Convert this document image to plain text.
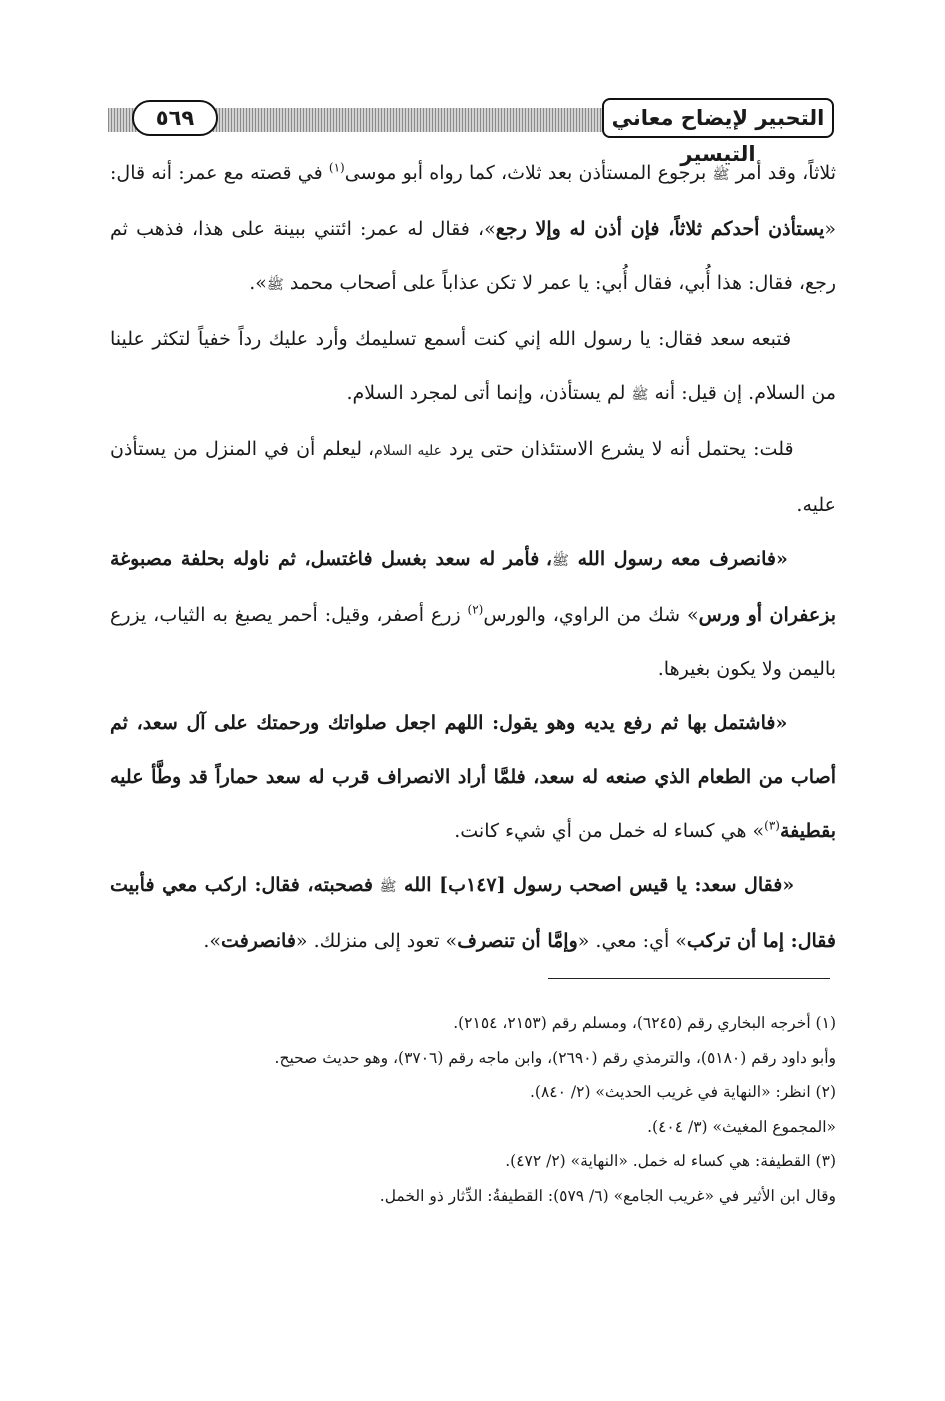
التحبير لإيضاح معاني التيسير
٥٦٩

ثلاثاً، وقد أمر ﷺ برجوع المستأذن بعد ثلاث، كما رواه أبو موسى$^{(١)}$ في قصته مع عمر: أنه قال: «يستأذن أحدكم ثلاثاً، فإن أذن له وإلا رجع»، فقال له عمر: ائتني ببينة على هذا، فذهب ثم رجع، فقال: هذا أُبي، فقال أُبي: يا عمر لا تكن عذاباً على أصحاب محمد ﷺ».

فتبعه سعد فقال: يا رسول الله إني كنت أسمع تسليمك وأرد عليك رداً خفياً لتكثر علينا من السلام. إن قيل: أنه ﷺ لم يستأذن، وإنما أتى لمجرد السلام.

قلت: يحتمل أنه لا يشرع الاستئذان حتى يرد عليه السلام، ليعلم أن في المنزل من يستأذن عليه.

«فانصرف معه رسول الله ﷺ، فأمر له سعد بغسل فاغتسل، ثم ناوله بحلفة مصبوغة بزعفران أو ورس» شك من الراوي، والورس$^{(٢)}$ زرع أصفر، وقيل: أحمر يصبغ به الثياب، يزرع باليمن ولا يكون بغيرها.

«فاشتمل بها ثم رفع يديه وهو يقول: اللهم اجعل صلواتك ورحمتك على آل سعد، ثم أصاب من الطعام الذي صنعه له سعد، فلمَّا أراد الانصراف قرب له سعد حماراً قد وطَّأ عليه بقطيفة$^{(٣)}$» هي كساء له خمل من أي شيء كانت.

«فقال سعد: يا قيس اصحب رسول [١٤٧ب] الله ﷺ فصحبته، فقال: اركب معي فأبيت فقال: إما أن تركب» أي: معي. «وإمَّا أن تنصرف» تعود إلى منزلك. «فانصرفت».

(١) أخرجه البخاري رقم (٦٢٤٥)، ومسلم رقم (٢١٥٣، ٢١٥٤).

وأبو داود رقم (٥١٨٠)، والترمذي رقم (٢٦٩٠)، وابن ماجه رقم (٣٧٠٦)، وهو حديث صحيح.

(٢) انظر: «النهاية في غريب الحديث» (٢/ ٨٤٠).

«المجموع المغيث» (٣/ ٤٠٤).

(٣) القطيفة: هي كساء له خمل. «النهاية» (٢/ ٤٧٢).

وقال ابن الأثير في «غريب الجامع» (٦/ ٥٧٩): القطيفةُ: الدِّثار ذو الخمل.
